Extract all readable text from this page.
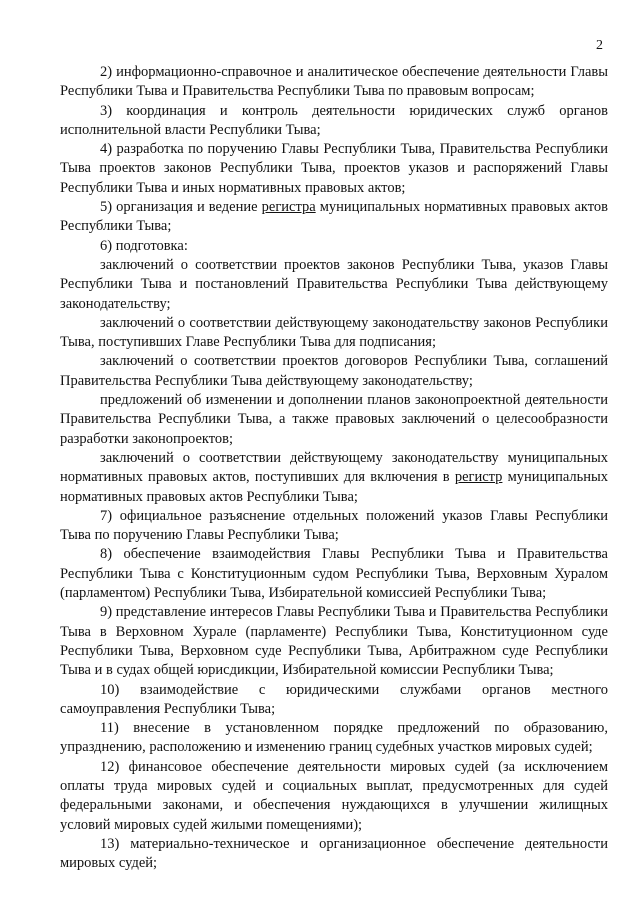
2

2) информационно-справочное и аналитическое обеспечение деятельности Главы Республики Тыва и Правительства Республики Тыва по правовым вопросам;

3) координация и контроль деятельности юридических служб органов исполнительной власти Республики Тыва;

4) разработка по поручению Главы Республики Тыва, Правительства Республики Тыва проектов законов Республики Тыва, проектов указов и распоряжений Главы Республики Тыва и иных нормативных правовых актов;

5) организация и ведение регистра муниципальных нормативных правовых актов Республики Тыва;

6) подготовка:

заключений о соответствии проектов законов Республики Тыва, указов Главы Республики Тыва и постановлений Правительства Республики Тыва действующему законодательству;

заключений о соответствии действующему законодательству законов Республики Тыва, поступивших Главе Республики Тыва для подписания;

заключений о соответствии проектов договоров Республики Тыва, соглашений Правительства Республики Тыва действующему законодательству;

предложений об изменении и дополнении планов законопроектной деятельности Правительства Республики Тыва, а также правовых заключений о целесообразности разработки законопроектов;

заключений о соответствии действующему законодательству муниципальных нормативных правовых актов, поступивших для включения в регистр муниципальных нормативных правовых актов Республики Тыва;

7) официальное разъяснение отдельных положений указов Главы Республики Тыва по поручению Главы Республики Тыва;

8) обеспечение взаимодействия Главы Республики Тыва и Правительства Республики Тыва с Конституционным судом Республики Тыва, Верховным Хуралом (парламентом) Республики Тыва, Избирательной комиссией Республики Тыва;

9) представление интересов Главы Республики Тыва и Правительства Республики Тыва в Верховном Хурале (парламенте) Республики Тыва, Конституционном суде Республики Тыва, Верховном суде Республики Тыва, Арбитражном суде Республики Тыва и в судах общей юрисдикции, Избирательной комиссии Республики Тыва;

10) взаимодействие с юридическими службами органов местного самоуправления Республики Тыва;

11) внесение в установленном порядке предложений по образованию, упразднению, расположению и изменению границ судебных участков мировых судей;

12) финансовое обеспечение деятельности мировых судей (за исключением оплаты труда мировых судей и социальных выплат, предусмотренных для судей федеральными законами, и обеспечения нуждающихся в улучшении жилищных условий мировых судей жилыми помещениями);

13) материально-техническое и организационное обеспечение деятельности мировых судей;
